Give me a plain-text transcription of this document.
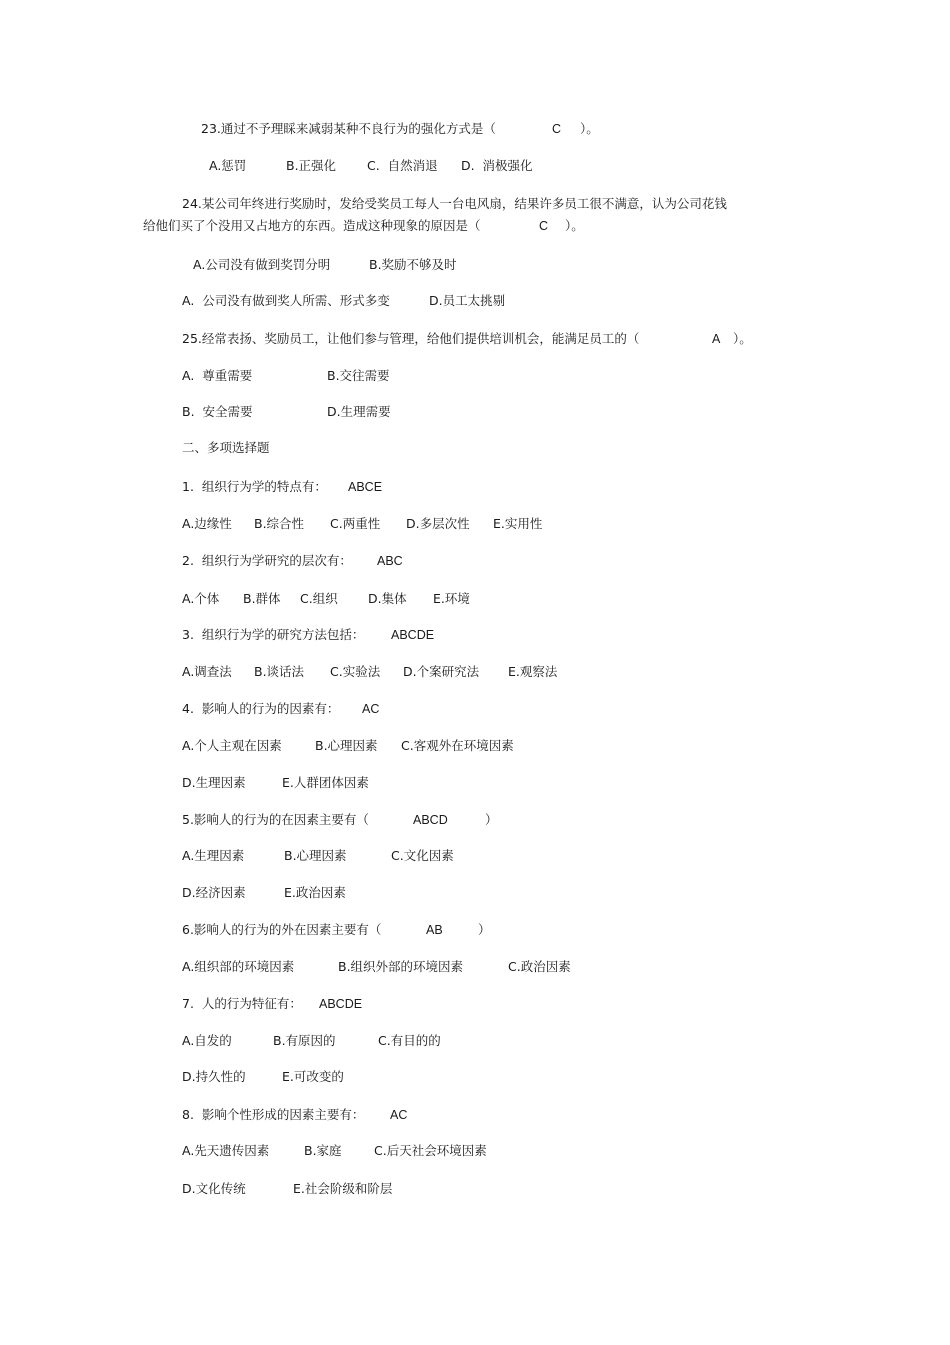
23.通过不予理睬来减弱某种不良行为的强化方式是（	C ）。
A.惩罚	B.正强化 C.  自然消退 D.  消极强化
24.某公司年终进行奖励时，发给受奖员工每人一台电风扇，结果许多员工很不满意，认为公司花钱
给他们买了个没用又占地方的东西。造成这种现象的原因是（	C ）。
A.公司没有做到奖罚分明	B.奖励不够及时
A.  公司没有做到奖人所需、形式多变	D.员工太挑剔
25.经常表扬、奖励员工，让他们参与管理，给他们提供培训机会，能满足员工的（	A ）。
A.  尊重需要	B.交往需要
B.  安全需要	D.生理需要
二、多项选择题
1.  组织行为学的特点有： ABCE
A.边缘性 B.综合性 C.两重性 D.多层次性 E.实用性
2.  组织行为学研究的层次有： ABC
A.个体 B.群体 C.组织 D.集体 E.环境
3.  组织行为学的研究方法包括： ABCDE
A.调查法 B.谈话法 C.实验法 D.个案研究法 E.观察法
4.  影响人的行为的因素有： AC
A.个人主观在因素	B.心理因素 C.客观外在环境因素
D.生理因素	E.人群团体因素
5.影响人的行为的在因素主要有（	ABCD	）
A.生理因素	B.心理因素	C.文化因素
D.经济因素	E.政治因素
6.影响人的行为的外在因素主要有（	AB	）
A.组织部的环境因素	B.组织外部的环境因素	C.政治因素
7.  人的行为特征有： ABCDE
A.自发的	B.有原因的	C.有目的的
D.持久性的	E.可改变的
8.  影响个性形成的因素主要有： AC
A.先天遗传因素	B.家庭	C.后天社会环境因素
D.文化传统	E.社会阶级和阶层
